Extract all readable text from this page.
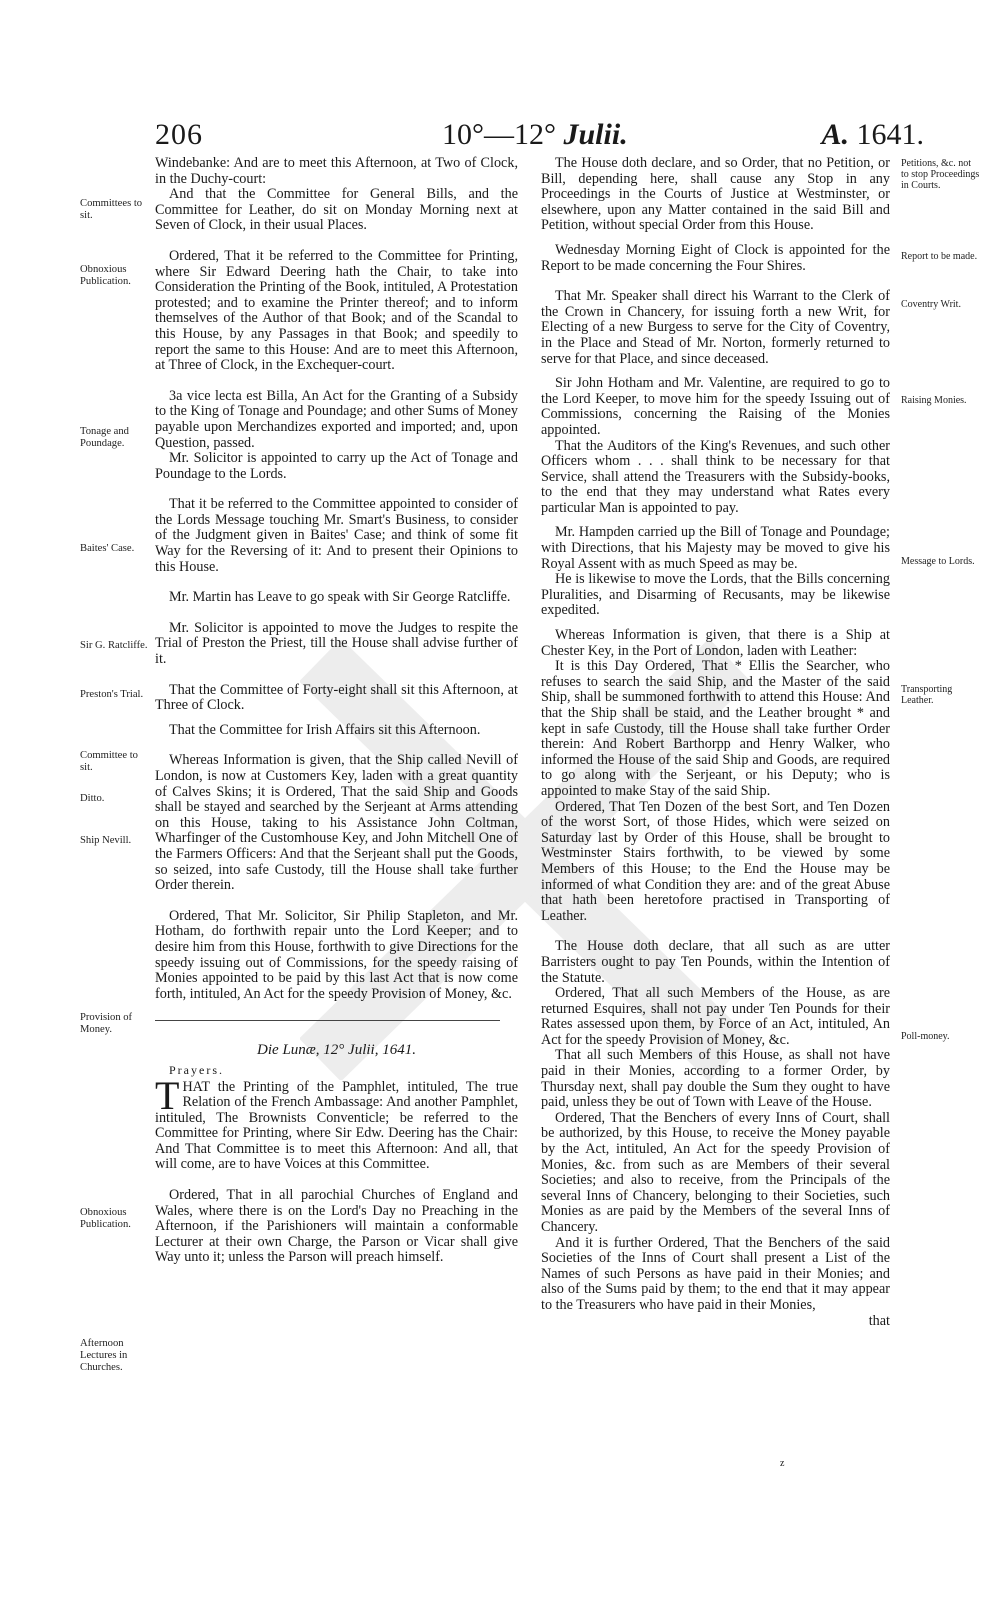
206	10°—12° Julii.	A. 1641.
Committees to sit.
Obnoxious Publication.
Tonage and Poundage.
Baites' Case.
Sir G. Ratcliffe.
Preston's Trial.
Committee to sit.
Ditto.
Ship Nevill.
Provision of Money.
Obnoxious Publication.
Afternoon Lectures in Churches.
Petitions, &c. not to stop Proceedings in Courts.
Report to be made.
Coventry Writ.
Raising Monies.
Message to Lords.
Transporting Leather.
Poll-money.

Windebanke: And are to meet this Afternoon, at Two of Clock, in the Duchy-court:

And that the Committee for General Bills, and the Committee for Leather, do sit on Monday Morning next at Seven of Clock, in their usual Places.

Ordered, That it be referred to the Committee for Printing, where Sir Edward Deering hath the Chair, to take into Consideration the Printing of the Book, intituled, A Protestation protested; and to examine the Printer thereof; and to inform themselves of the Author of that Book; and of the Scandal to this House, by any Passages in that Book; and speedily to report the same to this House: And are to meet this Afternoon, at Three of Clock, in the Exchequer-court.

3a vice lecta est Billa, An Act for the Granting of a Subsidy to the King of Tonage and Poundage; and other Sums of Money payable upon Merchandizes exported and imported; and, upon Question, passed.

Mr. Solicitor is appointed to carry up the Act of Tonage and Poundage to the Lords.

That it be referred to the Committee appointed to consider of the Lords Message touching Mr. Smart's Business, to consider of the Judgment given in Baites' Case; and think of some fit Way for the Reversing of it: And to present their Opinions to this House.

Mr. Martin has Leave to go speak with Sir George Ratcliffe.

Mr. Solicitor is appointed to move the Judges to respite the Trial of Preston the Priest, till the House shall advise further of it.

That the Committee of Forty-eight shall sit this Afternoon, at Three of Clock.

That the Committee for Irish Affairs sit this Afternoon.

Whereas Information is given, that the Ship called Nevill of London, is now at Customers Key, laden with a great quantity of Calves Skins; it is Ordered, That the said Ship and Goods shall be stayed and searched by the Serjeant at Arms attending on this House, taking to his Assistance John Coltman, Wharfinger of the Customhouse Key, and John Mitchell One of the Farmers Officers: And that the Serjeant shall put the Goods, so seized, into safe Custody, till the House shall take further Order therein.

Ordered, That Mr. Solicitor, Sir Philip Stapleton, and Mr. Hotham, do forthwith repair unto the Lord Keeper; and to desire him from this House, forthwith to give Directions for the speedy issuing out of Commissions, for the speedy raising of Monies appointed to be paid by this last Act that is now come forth, intituled, An Act for the speedy Provision of Money, &c.

Die Lunæ, 12° Julii, 1641.
Prayers.

THAT the Printing of the Pamphlet, intituled, The true Relation of the French Ambassage: And another Pamphlet, intituled, The Brownists Conventicle; be referred to the Committee for Printing, where Sir Edw. Deering has the Chair: And That Committee is to meet this Afternoon: And all, that will come, are to have Voices at this Committee.

Ordered, That in all parochial Churches of England and Wales, where there is on the Lord's Day no Preaching in the Afternoon, if the Parishioners will maintain a conformable Lecturer at their own Charge, the Parson or Vicar shall give Way unto it; unless the Parson will preach himself.

The House doth declare, and so Order, that no Petition, or Bill, depending here, shall cause any Stop in any Proceedings in the Courts of Justice at Westminster, or elsewhere, upon any Matter contained in the said Bill and Petition, without special Order from this House.

Wednesday Morning Eight of Clock is appointed for the Report to be made concerning the Four Shires.

That Mr. Speaker shall direct his Warrant to the Clerk of the Crown in Chancery, for issuing forth a new Writ, for Electing of a new Burgess to serve for the City of Coventry, in the Place and Stead of Mr. Norton, formerly returned to serve for that Place, and since deceased.

Sir John Hotham and Mr. Valentine, are required to go to the Lord Keeper, to move him for the speedy Issuing out of Commissions, concerning the Raising of the Monies appointed.

That the Auditors of the King's Revenues, and such other Officers whom . . . shall think to be necessary for that Service, shall attend the Treasurers with the Subsidy-books, to the end that they may understand what Rates every particular Man is appointed to pay.

Mr. Hampden carried up the Bill of Tonage and Poundage; with Directions, that his Majesty may be moved to give his Royal Assent with as much Speed as may be.

He is likewise to move the Lords, that the Bills concerning Pluralities, and Disarming of Recusants, may be likewise expedited.

Whereas Information is given, that there is a Ship at Chester Key, in the Port of London, laden with Leather:

It is this Day Ordered, That * Ellis the Searcher, who refuses to search the said Ship, and the Master of the said Ship, shall be summoned forthwith to attend this House: And that the Ship shall be staid, and the Leather brought * and kept in safe Custody, till the House shall take further Order therein: And Robert Barthorpp and Henry Walker, who informed the House of the said Ship and Goods, are required to go along with the Serjeant, or his Deputy; who is appointed to make Stay of the said Ship.

Ordered, That Ten Dozen of the best Sort, and Ten Dozen of the worst Sort, of those Hides, which were seized on Saturday last by Order of this House, shall be brought to Westminster Stairs forthwith, to be viewed by some Members of this House; to the End the House may be informed of what Condition they are: and of the great Abuse that hath been heretofore practised in Transporting of Leather.

The House doth declare, that all such as are utter Barristers ought to pay Ten Pounds, within the Intention of the Statute.

Ordered, That all such Members of the House, as are returned Esquires, shall not pay under Ten Pounds for their Rates assessed upon them, by Force of an Act, intituled, An Act for the speedy Provision of Money, &c.

That all such Members of this House, as shall not have paid in their Monies, according to a former Order, by Thursday next, shall pay double the Sum they ought to have paid, unless they be out of Town with Leave of the House.

Ordered, That the Benchers of every Inns of Court, shall be authorized, by this House, to receive the Money payable by the Act, intituled, An Act for the speedy Provision of Monies, &c. from such as are Members of their several Societies; and also to receive, from the Principals of the several Inns of Chancery, belonging to their Societies, such Monies as are paid by the Members of the several Inns of Chancery.

And it is further Ordered, That the Benchers of the said Societies of the Inns of Court shall present a List of the Names of such Persons as have paid in their Monies; and also of the Sums paid by them; to the end that it may appear to the Treasurers who have paid in their Monies,

that
z
